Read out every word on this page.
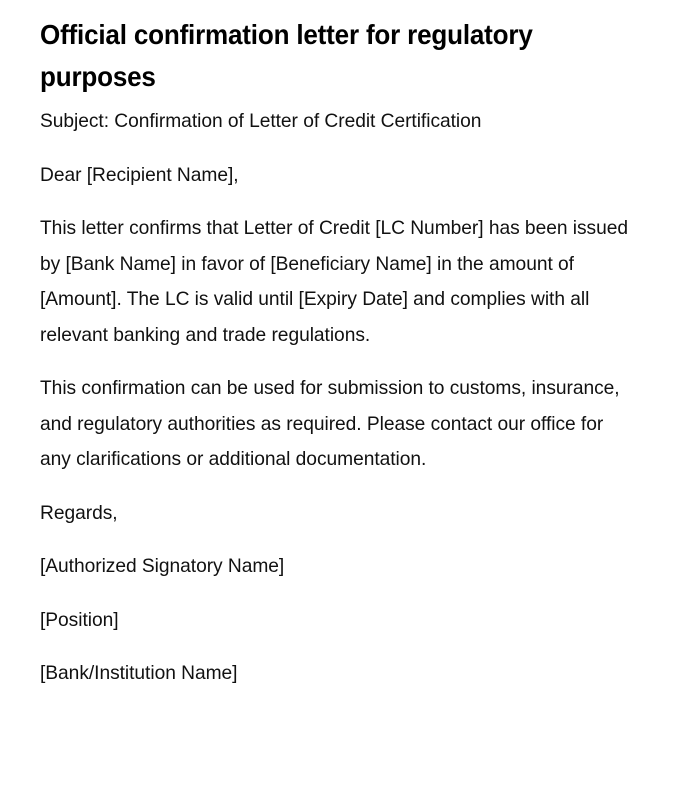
Official confirmation letter for regulatory purposes

Subject: Confirmation of Letter of Credit Certification

Dear [Recipient Name],

This letter confirms that Letter of Credit [LC Number] has been issued by [Bank Name] in favor of [Beneficiary Name] in the amount of [Amount]. The LC is valid until [Expiry Date] and complies with all relevant banking and trade regulations.

This confirmation can be used for submission to customs, insurance, and regulatory authorities as required. Please contact our office for any clarifications or additional documentation.

Regards,

[Authorized Signatory Name]

[Position]

[Bank/Institution Name]
